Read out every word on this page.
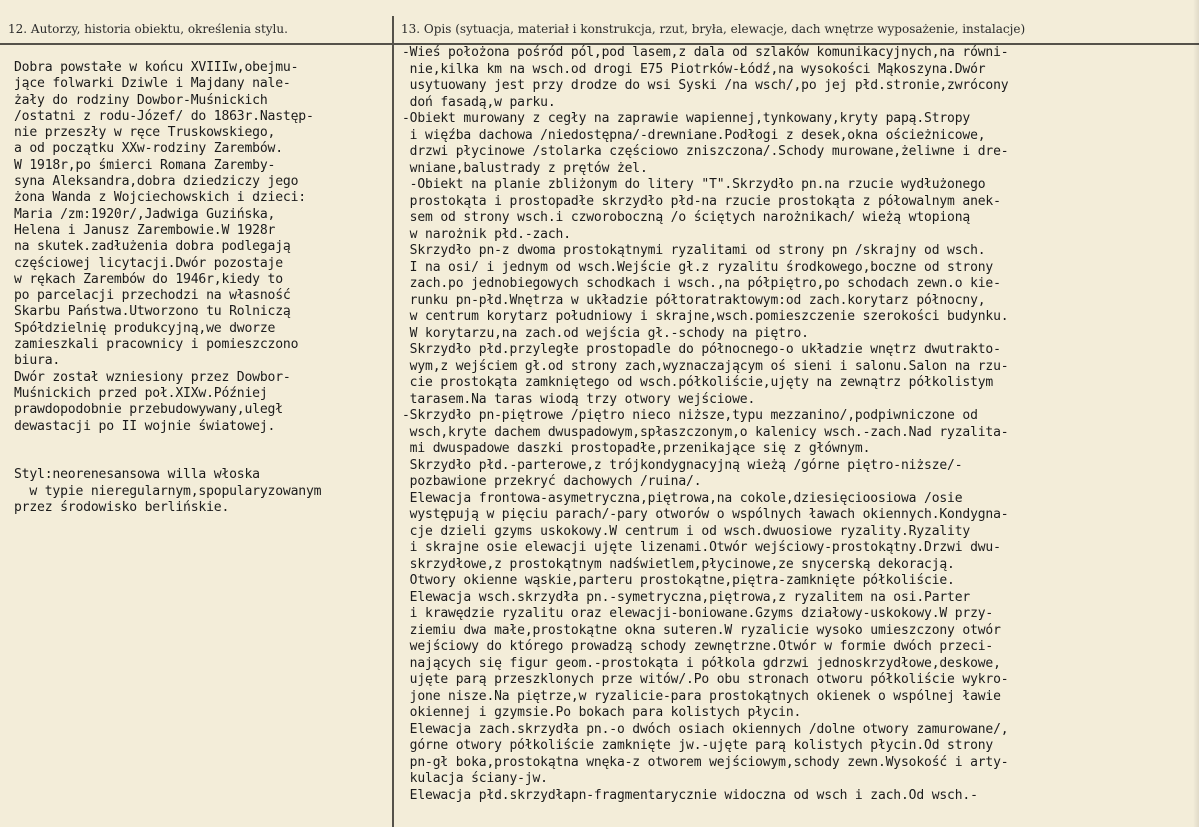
12. Autorzy, historia obiektu, określenia stylu.	13. Opis (sytuacja, materiał i konstrukcja, rzut, bryła, elewacje, dach wnętrze wyposażenie, instalacje)
Dobra powstałe w końcu XVIIIw,obejmu-
jące folwarki Dziwle i Majdany nale-
żały do rodziny Dowbor-Muśnickich
/ostatni z rodu-Józef/ do 1863r.Następ-
nie przeszły w ręce Truskowskiego,
a od początku XXw-rodziny Zarembów.
W 1918r,po śmierci Romana Zaremby-
syna Aleksandra,dobra dziedziczy jego
żona Wanda z Wojciechowskich i dzieci:
Maria /zm:1920r/,Jadwiga Guzińska,
Helena i Janusz Zarembowie.W 1928r
na skutek.zadłużenia dobra podlegają
częściowej licytacji.Dwór pozostaje
w rękach Zarembów do 1946r,kiedy to
po parcelacji przechodzi na własność
Skarbu Państwa.Utworzono tu Rolniczą
Spółdzielnię produkcyjną,we dworze
zamieszkali pracownicy i pomieszczono
biura.
Dwór został wzniesiony przez Dowbor-
Muśnickich przed poł.XIXw.Później
prawdopodobnie przebudowywany,uległ
dewastacji po II wojnie światowej.

Styl:neorenesansowa willa włoska
w typie nieregularnym,spopularyzowanym
przez środowisko berlińskie.
-Wieś położona pośród pól,pod lasem,z dala od szlaków komunikacyjnych,na równi-
nie,kilka km na wsch.od drogi E75 Piotrków-Łódź,na wysokości Mąkoszyna.Dwór
usytuowany jest przy drodze do wsi Syski /na wsch/,po jej płd.stronie,zwrócony
doń fasadą,w parku.
-Obiekt murowany z cegły na zaprawie wapiennej,tynkowany,kryty papą.Stropy
i więźba dachowa /niedostępna/-drewniane.Podłogi z desek,okna ościeżnicowe,
drzwi płycinowe /stolarka częściowo zniszczona/.Schody murowane,żeliwne i dre-
wniane,balustrady z prętów żel.
-Obiekt na planie zbliżonym do litery "T".Skrzydło pn.na rzucie wydłużonego
prostokąta i prostopadłe skrzydło płd-na rzucie prostokąta z półowalnym anek-
sem od strony wsch.i czworoboczną /o ściętych narożnikach/ wieżą wtopioną
w narożnik płd.-zach.
Skrzydło pn-z dwoma prostokątnymi ryzalitami od strony pn /skrajny od wsch.
I na osi/ i jednym od wsch.Wejście gł.z ryzalitu środkowego,boczne od strony
zach.po jednobiegowych schodkach i wsch.,na półpiętro,po schodach zewn.o kie-
runku pn-płd.Wnętrza w układzie półtoratraktowym:od zach.korytarz północny,
w centrum korytarz południowy i skrajne,wsch.pomieszczenie szerokości budynku.
W korytarzu,na zach.od wejścia gł.-schody na piętro.
Skrzydło płd.przyległe prostopadle do północnego-o układzie wnętrz dwutrakto-
wym,z wejściem gł.od strony zach,wyznaczającym oś sieni i salonu.Salon na rzu-
cie prostokąta zamkniętego od wsch.półkoliście,ujęty na zewnątrz półkolistym
tarasem.Na taras wiodą trzy otwory wejściowe.
-Skrzydło pn-piętrowe /piętro nieco niższe,typu mezzanino/,podpiwniczone od
wsch,kryte dachem dwuspadowym,spłaszczonym,o kalenicy wsch.-zach.Nad ryzalita-
mi dwuspadowe daszki prostopadłe,przenikające się z głównym.
Skrzydło płd.-parterowe,z trójkondygnacyjną wieżą /górne piętro-niższe/-
pozbawione przekryć dachowych /ruina/.
Elewacja frontowa-asymetryczna,piętrowa,na cokole,dziesięcioosiowa /osie
występują w pięciu parach/-pary otworów o wspólnych ławach okiennych.Kondygna-
cje dzieli gzyms uskokowy.W centrum i od wsch.dwuosiowe ryzality.Ryzality
i skrajne osie elewacji ujęte lizenami.Otwór wejściowy-prostokątny.Drzwi dwu-
skrzydłowe,z prostokątnym nadświetlem,płycinowe,ze snycerską dekoracją.
Otwory okienne wąskie,parteru prostokątne,piętra-zamknięte półkoliście.
Elewacja wsch.skrzydła pn.-symetryczna,piętrowa,z ryzalitem na osi.Parter
i krawędzie ryzalitu oraz elewacji-boniowane.Gzyms działowy-uskokowy.W przy-
ziemiu dwa małe,prostokątne okna suteren.W ryzalicie wysoko umieszczony otwór
wejściowy do którego prowadzą schody zewnętrzne.Otwór w formie dwóch przeci-
nających się figur geom.-prostokąta i półkola gdrzwi jednoskrzydłowe,deskowe,
ujęte parą przeszklonych prze witów/.Po obu stronach otworu półkoliście wykro-
jone nisze.Na piętrze,w ryzalicie-para prostokątnych okienek o wspólnej ławie
okiennej i gzymsie.Po bokach para kolistych płycin.
Elewacja zach.skrzydła pn.-o dwóch osiach okiennych /dolne otwory zamurowane/,
górne otwory półkoliście zamknięte jw.-ujęte parą kolistych płycin.Od strony
pn-gł boka,prostokątna wnęka-z otworem wejściowym,schody zewn.Wysokość i arty-
kulacja ściany-jw.
Elewacja płd.skrzydłapn-fragmentarycznie widoczna od wsch i zach.Od wsch.-
